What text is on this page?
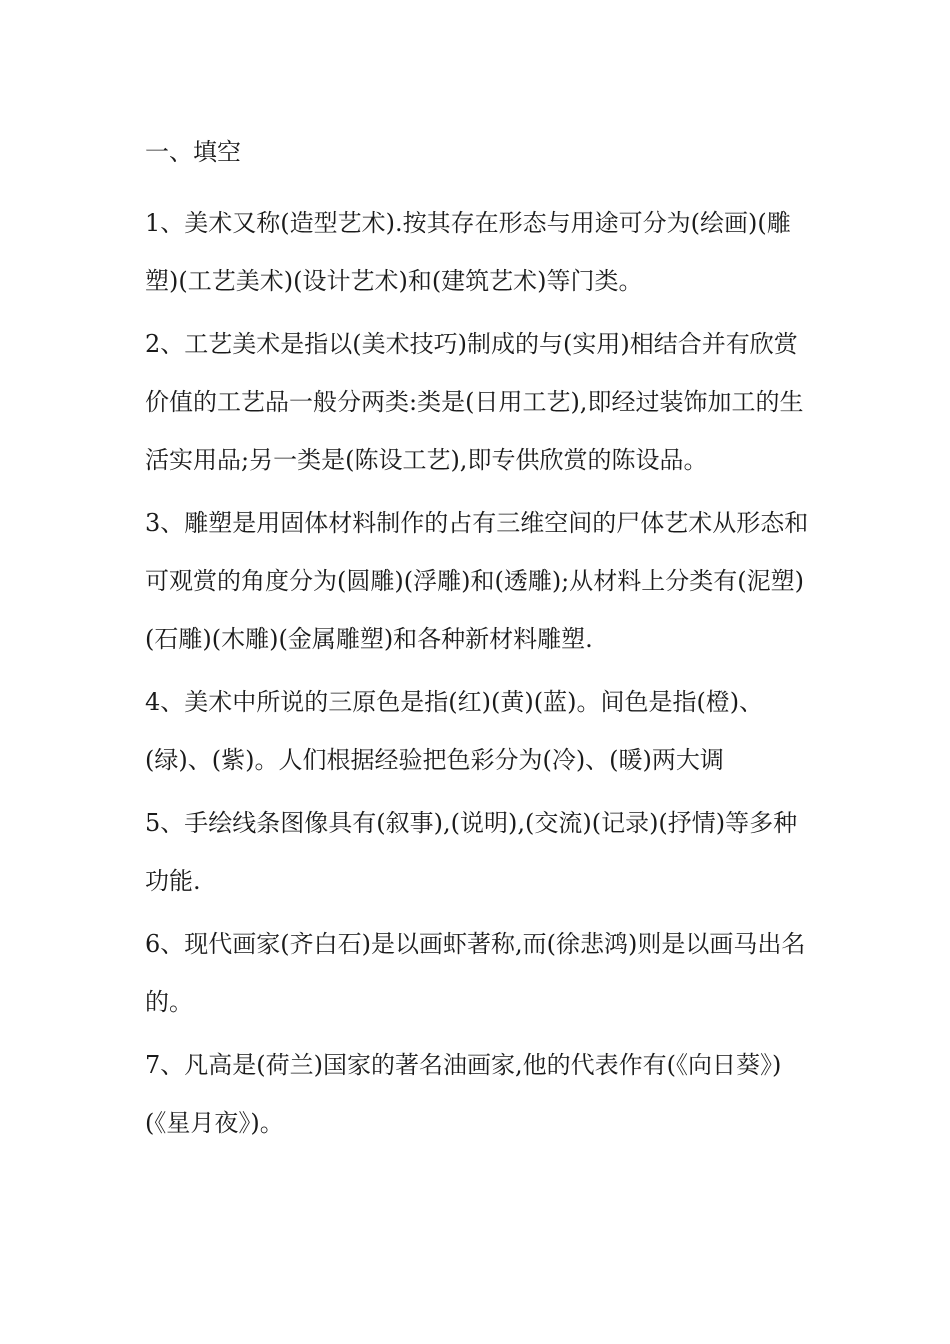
一、填空
1、美术又称(造型艺术).按其存在形态与用途可分为(绘画)(雕塑)(工艺美术)(设计艺术)和(建筑艺术)等门类。
2、工艺美术是指以(美术技巧)制成的与(实用)相结合并有欣赏价值的工艺品一般分两类:类是(日用工艺),即经过装饰加工的生活实用品;另一类是(陈设工艺),即专供欣赏的陈设品。
3、雕塑是用固体材料制作的占有三维空间的尸体艺术从形态和可观赏的角度分为(圆雕)(浮雕)和(透雕);从材料上分类有(泥塑)(石雕)(木雕)(金属雕塑)和各种新材料雕塑.
4、美术中所说的三原色是指(红)(黄)(蓝)。间色是指(橙)、(绿)、(紫)。人们根据经验把色彩分为(冷)、(暖)两大调
5、手绘线条图像具有(叙事),(说明),(交流)(记录)(抒情)等多种功能.
6、现代画家(齐白石)是以画虾著称,而(徐悲鸿)则是以画马出名的。
7、凡高是(荷兰)国家的著名油画家,他的代表作有(《向日葵》)(《星月夜》)。
